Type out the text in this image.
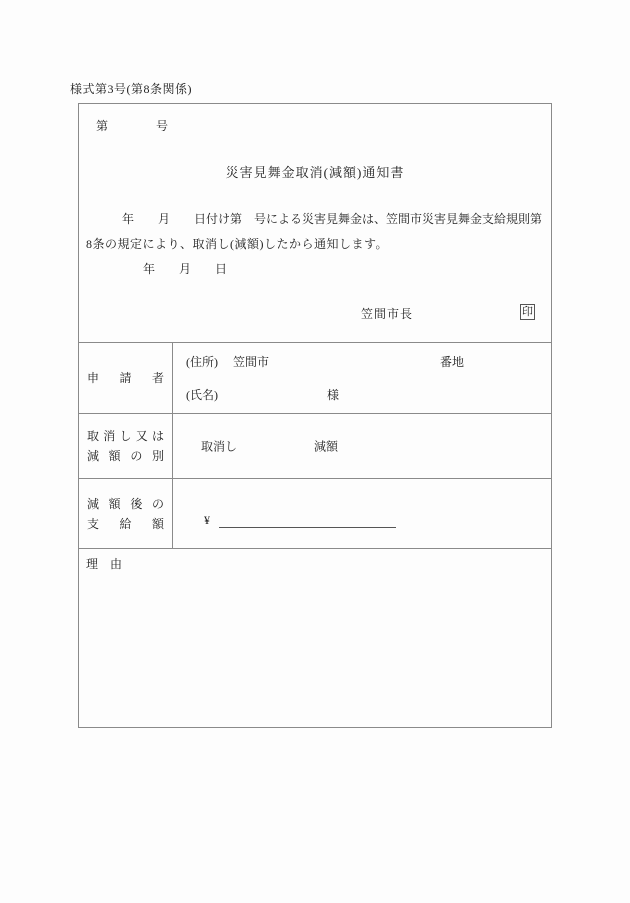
様式第3号(第8条関係)
第　　　　号
災害見舞金取消(減額)通知書
　　　年　　月　　日付け第　号による災害見舞金は、笠間市災害見舞金支給規則第
8条の規定により、取消し(減額)したから通知します。
年　　月　　日
笠間市長	印
申 請 者
(住所) 笠間市	番地
(氏名)	様
取 消 し 又 は
減 額 の 別
取消し	減額
減 額 後 の
支 給 額	¥
理　由
